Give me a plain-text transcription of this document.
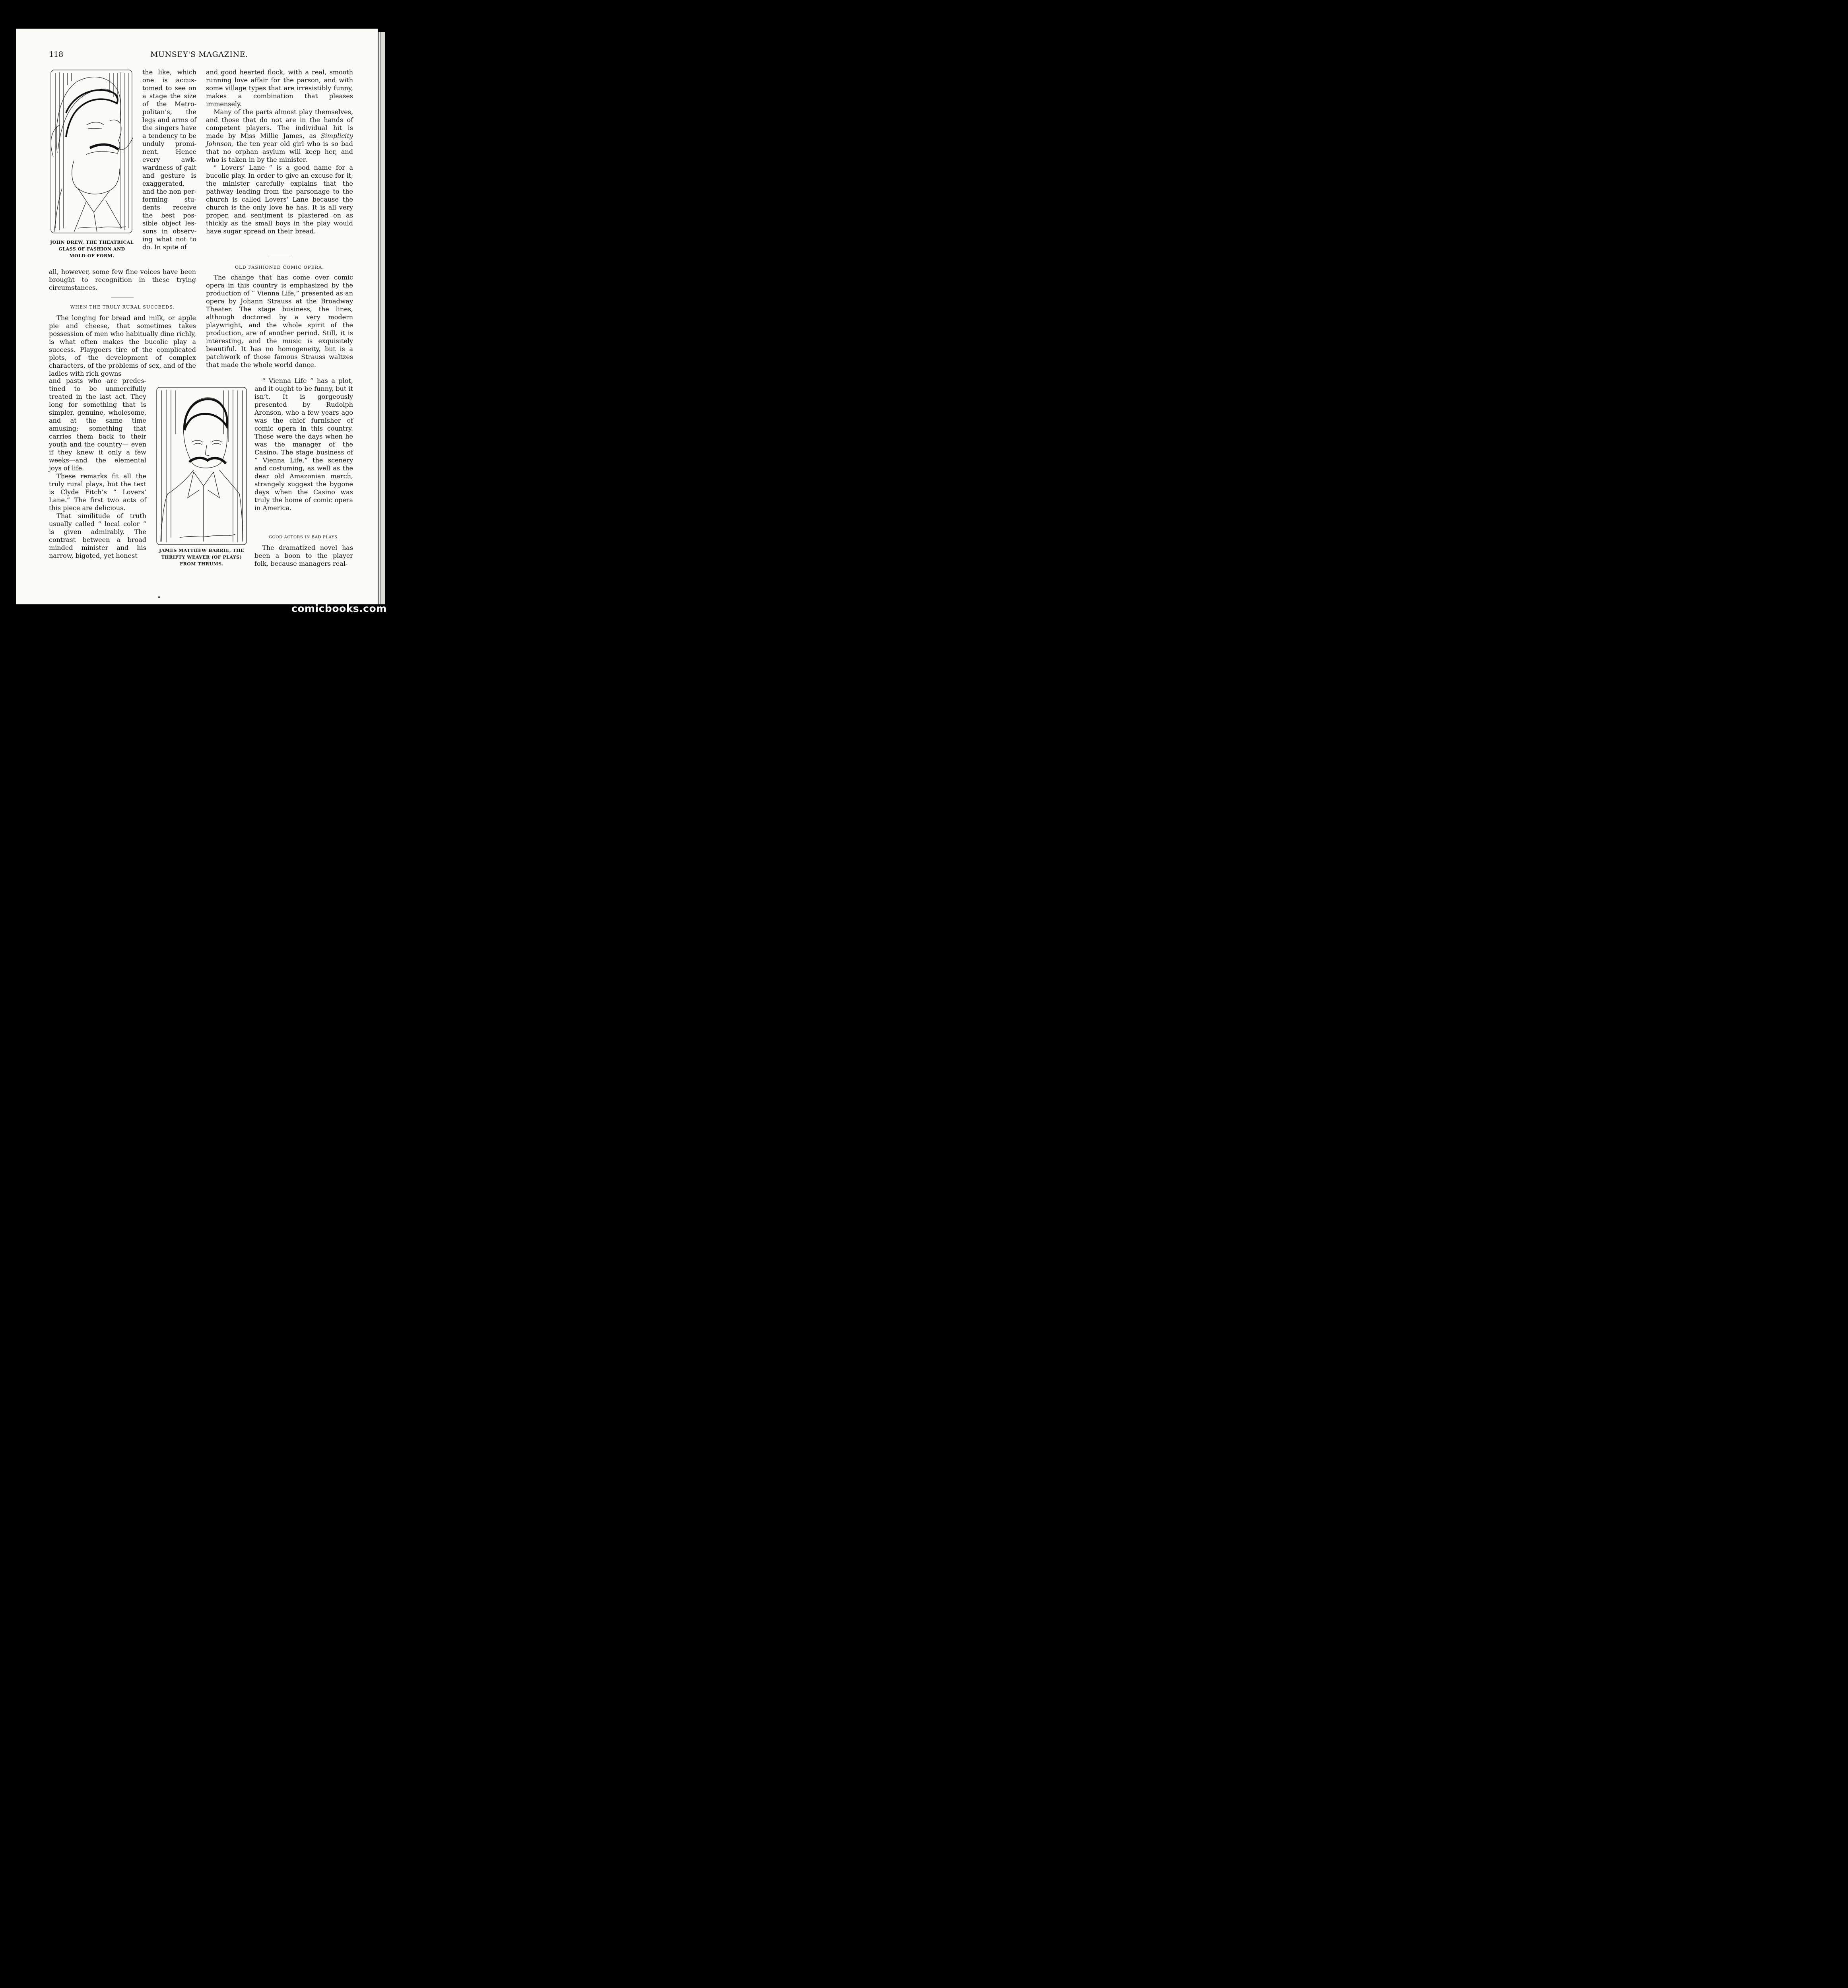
118	MUNSEY'S MAGAZINE.
JOHN DREW, THE THEATRICAL
GLASS OF FASHION AND
MOLD OF FORM.

the like, which one is accustomed to see on a stage the size of the Metropolitan’s, the legs and arms of the singers have a tendency to be unduly prominent. Hence every awkwardness of gait and gesture is exaggerated, and the non performing students receive the best possible object lessons in observing what not to do. In spite of

all, however, some few fine voices have been brought to recognition in these trying circumstances.

WHEN THE TRULY RURAL SUCCEEDS.

The longing for bread and milk, or apple pie and cheese, that sometimes takes possession of men who habitually dine richly, is what often makes the bucolic play a success. Playgoers tire of the complicated plots, of the development of complex characters, of the problems of sex, and of the ladies with rich gowns

and pasts who are predestined to be unmercifully treated in the last act. They long for something that is simpler, genuine, wholesome, and at the same time amusing; something that carries them back to their youth and the country— even if they knew it only a few weeks—and the elemental joys of life.

These remarks fit all the truly rural plays, but the text is Clyde Fitch’s “ Lovers’ Lane.” The first two acts of this piece are delicious.

That similitude of truth usually called “ local color ” is given admirably. The contrast between a broad minded minister and his narrow, bigoted, yet honest

JAMES MATTHEW BARRIE, THE
THRIFTY WEAVER (OF PLAYS)
FROM THRUMS.

and good hearted flock, with a real, smooth running love affair for the parson, and with some village types that are irresistibly funny, makes a combination that pleases immensely.

Many of the parts almost play themselves, and those that do not are in the hands of competent players. The individual hit is made by Miss Millie James, as Simplicity Johnson, the ten year old girl who is so bad that no orphan asylum will keep her, and who is taken in by the minister.

“ Lovers’ Lane ” is a good name for a bucolic play. In order to give an excuse for it, the minister carefully explains that the pathway leading from the parsonage to the church is called Lovers’ Lane because the church is the only love he has. It is all very proper, and sentiment is plastered on as thickly as the small boys in the play would have sugar spread on their bread.

OLD FASHIONED COMIC OPERA.

The change that has come over comic opera in this country is emphasized by the production of “ Vienna Life,” presented as an opera by Johann Strauss at the Broadway Theater. The stage business, the lines, although doctored by a very modern playwright, and the whole spirit of the production, are of another period. Still, it is interesting, and the music is exquisitely beautiful. It has no homogeneity, but is a patchwork of those famous Strauss waltzes that made the whole world dance.

“ Vienna Life ” has a plot, and it ought to be funny, but it isn’t. It is gorgeously presented by Rudolph Aronson, who a few years ago was the chief furnisher of comic opera in this country. Those were the days when he was the manager of the Casino. The stage business of “ Vienna Life,” the scenery and costuming, as well as the dear old Amazonian march, strangely suggest the bygone days when the Casino was truly the home of comic opera in America.

GOOD ACTORS IN BAD PLAYS.

The dramatized novel has been a boon to the player folk, because managers real-

comicbooks.com
